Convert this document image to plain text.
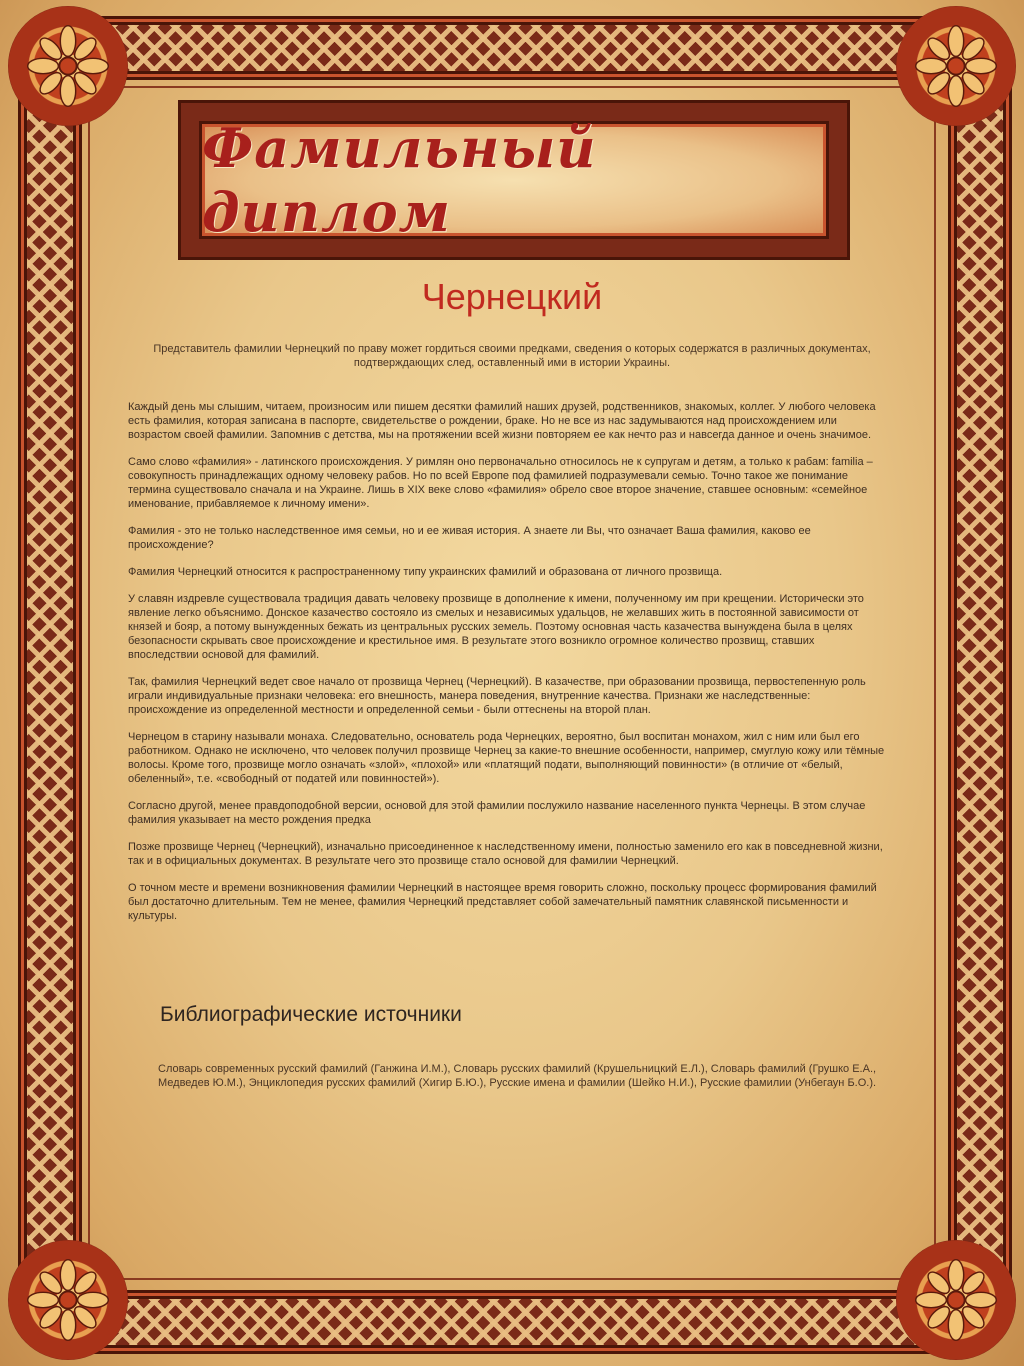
Фамильный диплом
Чернецкий
Представитель фамилии Чернецкий по праву может гордиться своими предками, сведения о которых содержатся в различных документах, подтверждающих след, оставленный ими в истории Украины.

Каждый день мы слышим, читаем, произносим или пишем десятки фамилий наших друзей, родственников, знакомых, коллег. У любого человека есть фамилия, которая записана в паспорте, свидетельстве о рождении, браке. Но не все из нас задумываются над происхождением или возрастом своей фамилии. Запомнив с детства, мы на протяжении всей жизни повторяем ее как нечто раз и навсегда данное и очень значимое.

Само слово «фамилия» - латинского происхождения. У римлян оно первоначально относилось не к супругам и детям, а только к рабам: familia – совокупность принадлежащих одному человеку рабов. Но по всей Европе под фамилией подразумевали семью. Точно такое же понимание термина существовало сначала и на Украине. Лишь в XIX веке слово «фамилия» обрело свое второе значение, ставшее основным: «семейное именование, прибавляемое к личному имени».

Фамилия - это не только наследственное имя семьи, но и ее живая история. А знаете ли Вы, что означает Ваша фамилия, каково ее происхождение?

Фамилия Чернецкий относится к распространенному типу украинских фамилий и образована от личного прозвища.

У славян издревле существовала традиция давать человеку прозвище в дополнение к имени, полученному им при крещении. Исторически это явление легко объяснимо. Донское казачество состояло из смелых и независимых удальцов, не желавших жить в постоянной зависимости от князей и бояр, а потому вынужденных бежать из центральных русских земель. Поэтому основная часть казачества вынуждена была в целях безопасности скрывать свое происхождение и крестильное имя. В результате этого возникло огромное количество прозвищ, ставших впоследствии основой для фамилий.

Так, фамилия Чернецкий ведет свое начало от прозвища Чернец (Чернецкий). В казачестве, при образовании прозвища, первостепенную роль играли индивидуальные признаки человека: его внешность, манера поведения, внутренние качества. Признаки же наследственные: происхождение из определенной местности и определенной семьи - были оттеснены на второй план.

Чернецом в старину называли монаха. Следовательно, основатель рода Чернецких, вероятно, был воспитан монахом, жил с ним или был его работником. Однако не исключено, что человек получил прозвище Чернец за какие-то внешние особенности, например, смуглую кожу или тёмные волосы. Кроме того, прозвище могло означать «злой», «плохой» или «платящий подати, выполняющий повинности» (в отличие от «белый, обеленный», т.е. «свободный от податей или повинностей»).

Согласно другой, менее правдоподобной версии, основой для этой фамилии послужило название населенного пункта Чернецы. В этом случае фамилия указывает на место рождения предка

Позже прозвище Чернец (Чернецкий), изначально присоединенное к наследственному имени, полностью заменило его как в повседневной жизни, так и в официальных документах. В результате чего это прозвище стало основой для фамилии Чернецкий.

О точном месте и времени возникновения фамилии Чернецкий в настоящее время говорить сложно, поскольку процесс формирования фамилий был достаточно длительным. Тем не менее, фамилия Чернецкий представляет собой замечательный памятник славянской письменности и культуры.

Библиографические источники
Словарь современных русский фамилий (Ганжина И.М.), Словарь русских фамилий (Крушельницкий Е.Л.), Словарь фамилий (Грушко Е.А., Медведев Ю.М.), Энциклопедия русских фамилий (Хигир Б.Ю.), Русские имена и фамилии (Шейко Н.И.), Русские фамилии (Унбегаун Б.О.).
